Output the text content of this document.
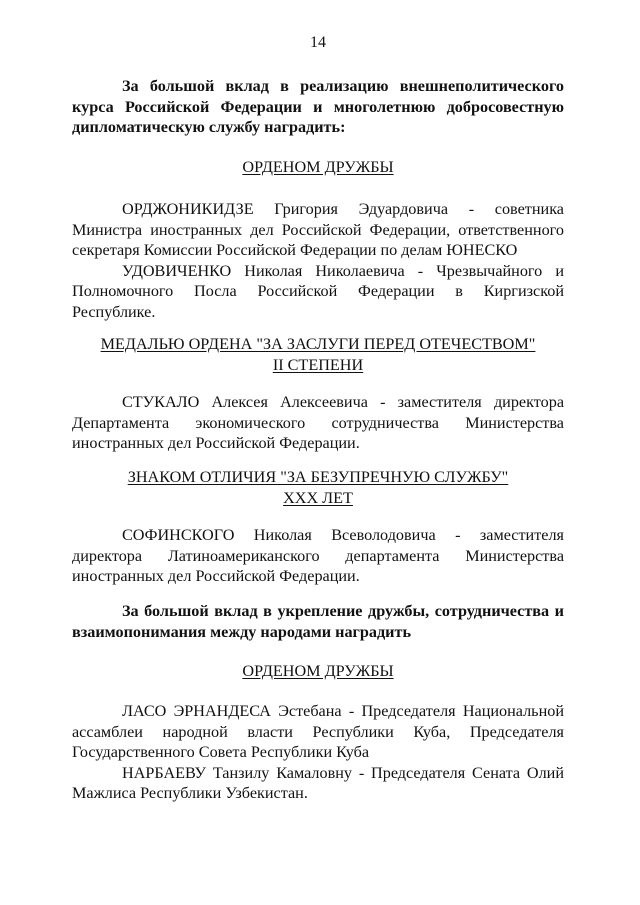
14
За большой вклад в реализацию внешнеполитического курса Российской Федерации и многолетнюю добросовестную дипломатическую службу наградить:
ОРДЕНОМ ДРУЖБЫ

ОРДЖОНИКИДЗЕ Григория Эдуардовича - советника Министра иностранных дел Российской Федерации, ответственного секретаря Комиссии Российской Федерации по делам ЮНЕСКО

УДОВИЧЕНКО Николая Николаевича - Чрезвычайного и Полномочного Посла Российской Федерации в Киргизской Республике.

МЕДАЛЬЮ ОРДЕНА "ЗА ЗАСЛУГИ ПЕРЕД ОТЕЧЕСТВОМ"
II СТЕПЕНИ

СТУКАЛО Алексея Алексеевича - заместителя директора Департамента экономического сотрудничества Министерства иностранных дел Российской Федерации.

ЗНАКОМ ОТЛИЧИЯ "ЗА БЕЗУПРЕЧНУЮ СЛУЖБУ"
XXX ЛЕТ

СОФИНСКОГО Николая Всеволодовича - заместителя директора Латиноамериканского департамента Министерства иностранных дел Российской Федерации.

За большой вклад в укрепление дружбы, сотрудничества и взаимопонимания между народами наградить
ОРДЕНОМ ДРУЖБЫ

ЛАСО ЭРНАНДЕСА Эстебана - Председателя Национальной ассамблеи народной власти Республики Куба, Председателя Государственного Совета Республики Куба

НАРБАЕВУ Танзилу Камаловну - Председателя Сената Олий Мажлиса Республики Узбекистан.
